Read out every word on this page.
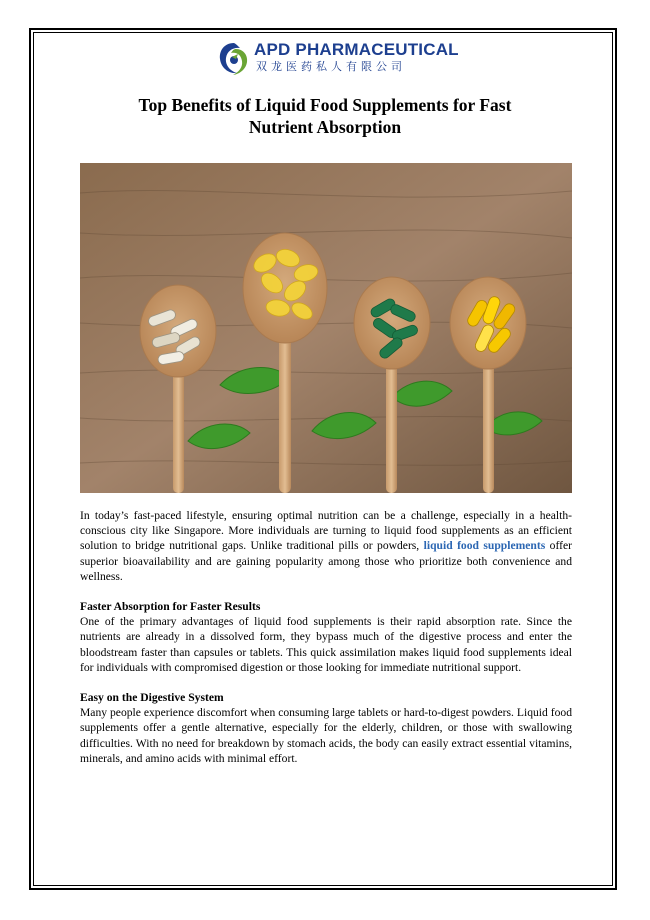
APD PHARMACEUTICAL
双龙医药私人有限公司
Top Benefits of Liquid Food Supplements for Fast
Nutrient Absorption

In today’s fast-paced lifestyle, ensuring optimal nutrition can be a challenge, especially in a health-conscious city like Singapore. More individuals are turning to liquid food supplements as an efficient solution to bridge nutritional gaps. Unlike traditional pills or powders, liquid food supplements offer superior bioavailability and are gaining popularity among those who prioritize both convenience and wellness.

Faster Absorption for Faster Results

One of the primary advantages of liquid food supplements is their rapid absorption rate. Since the nutrients are already in a dissolved form, they bypass much of the digestive process and enter the bloodstream faster than capsules or tablets. This quick assimilation makes liquid food supplements ideal for individuals with compromised digestion or those looking for immediate nutritional support.

Easy on the Digestive System

Many people experience discomfort when consuming large tablets or hard-to-digest powders. Liquid food supplements offer a gentle alternative, especially for the elderly, children, or those with swallowing difficulties. With no need for breakdown by stomach acids, the body can easily extract essential vitamins, minerals, and amino acids with minimal effort.
